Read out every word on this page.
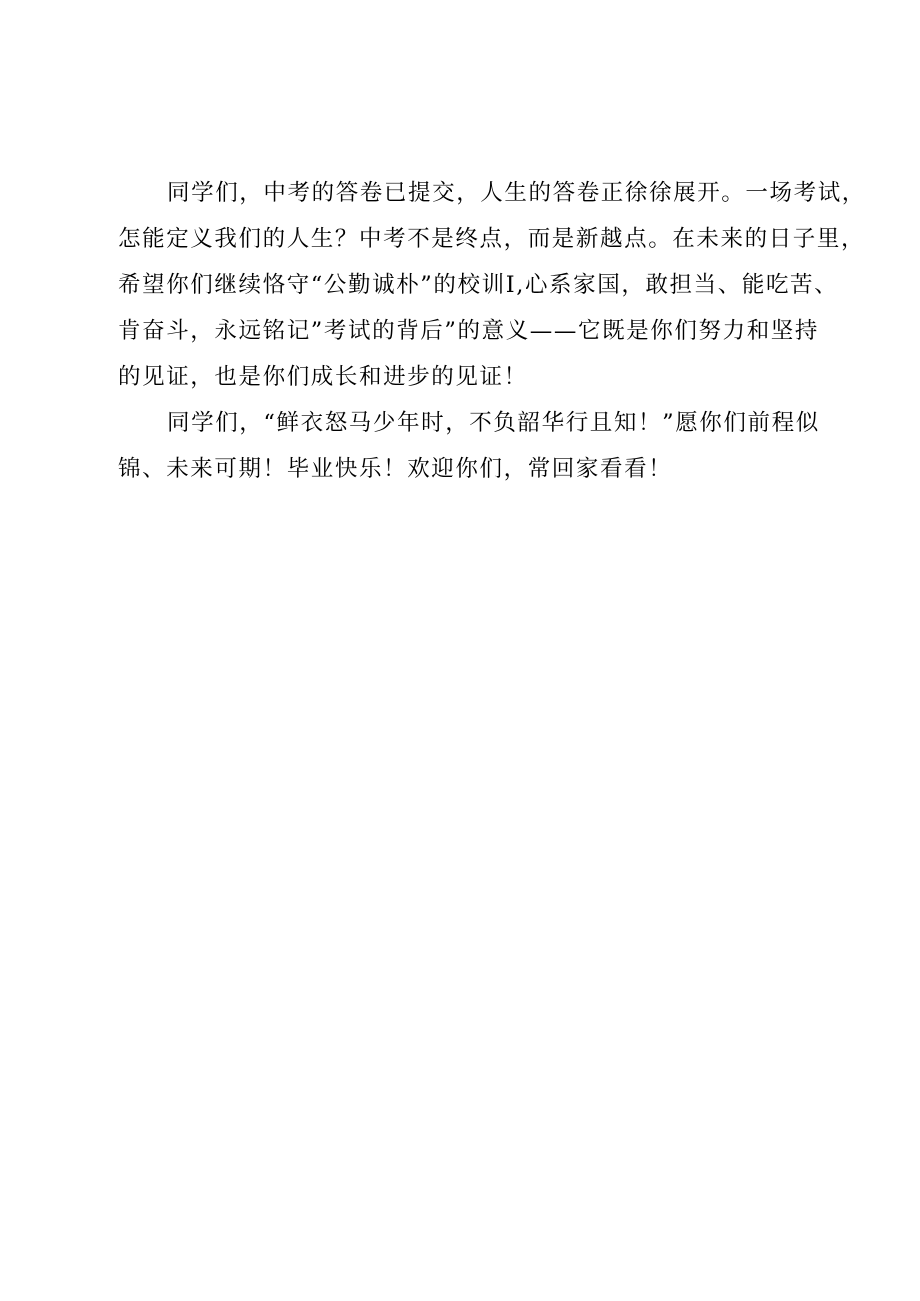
同学们，中考的答卷已提交，人生的答卷正徐徐展开。一场考试，
怎能定义我们的人生？中考不是终点，而是新越点。在未来的日子里，
希望你们继续恪守“公勤诚朴”的校训I,心系家国，敢担当、能吃苦、
肯奋斗，永远铭记”考试的背后”的意义——它既是你们努力和坚持
的见证，也是你们成长和进步的见证！
同学们，“鲜衣怒马少年时，不负韶华行且知！”愿你们前程似
锦、未来可期！毕业快乐！欢迎你们，常回家看看！
